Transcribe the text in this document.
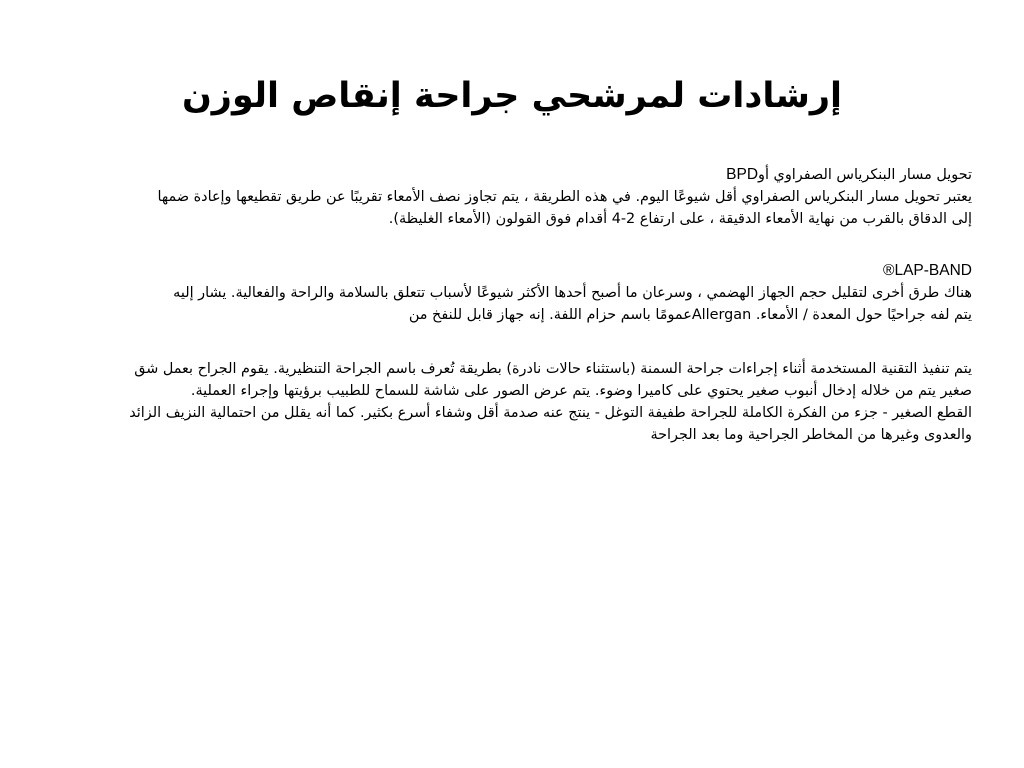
إرشادات لمرشحي جراحة إنقاص الوزن

تحويل مسار البنكرياس الصفراوي أوBPD

يعتبر تحويل مسار البنكرياس الصفراوي أقل شيوعًا اليوم. في هذه الطريقة ، يتم تجاوز نصف الأمعاء تقريبًا عن طريق تقطيعها وإعادة ضمها

إلى الدقاق بالقرب من نهاية الأمعاء الدقيقة ، على ارتفاع 2-4 أقدام فوق القولون (الأمعاء الغليظة).

®LAP-BAND

هناك طرق أخرى لتقليل حجم الجهاز الهضمي ، وسرعان ما أصبح أحدها الأكثر شيوعًا لأسباب تتعلق بالسلامة والراحة والفعالية. يشار إليه

يتم لفه جراحيًا حول المعدة / الأمعاء. Allerganعمومًا باسم حزام اللفة. إنه جهاز قابل للنفخ من

يتم تنفيذ التقنية المستخدمة أثناء إجراءات جراحة السمنة (باستثناء حالات نادرة) بطريقة تُعرف باسم الجراحة التنظيرية. يقوم الجراح بعمل شق

صغير يتم من خلاله إدخال أنبوب صغير يحتوي على كاميرا وضوء. يتم عرض الصور على شاشة للسماح للطبيب برؤيتها وإجراء العملية.

القطع الصغير - جزء من الفكرة الكاملة للجراحة طفيفة التوغل - ينتج عنه صدمة أقل وشفاء أسرع بكثير. كما أنه يقلل من احتمالية النزيف الزائد

والعدوى وغيرها من المخاطر الجراحية وما بعد الجراحة
